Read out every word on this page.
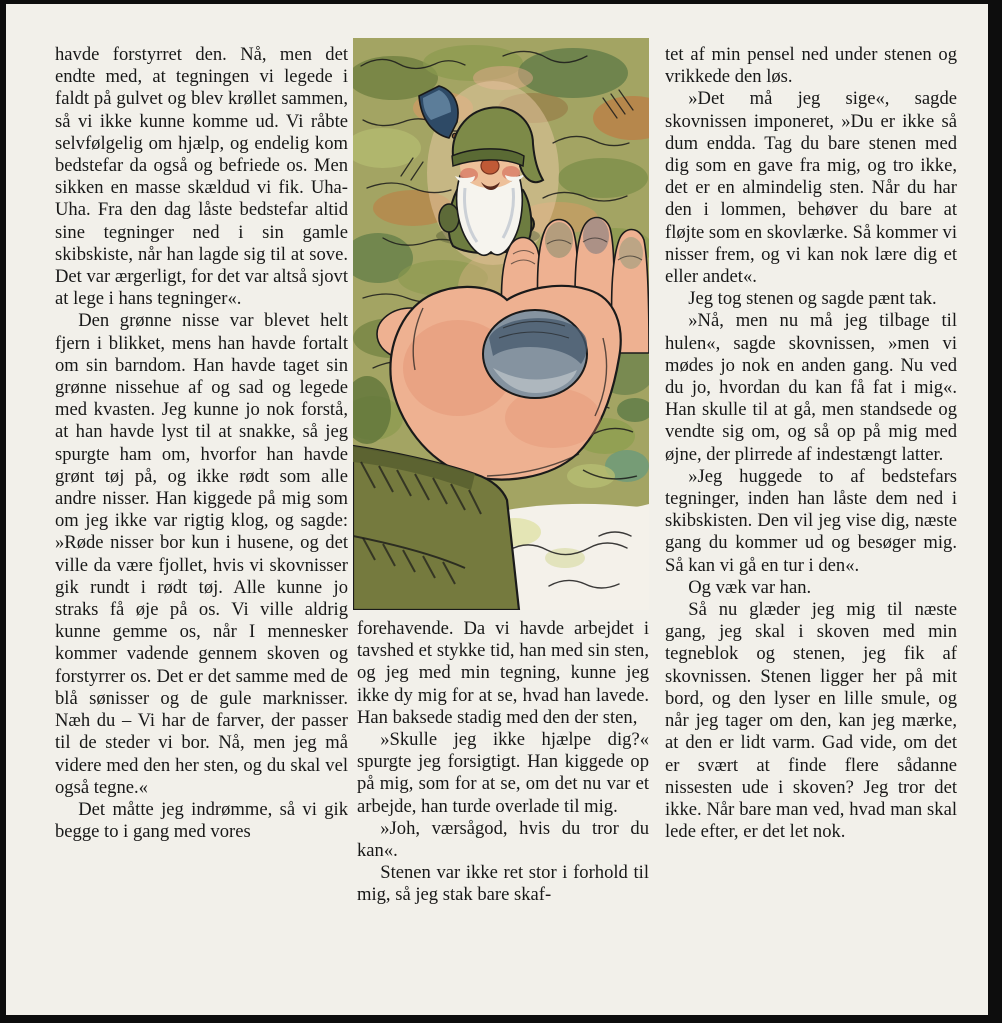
havde forstyrret den. Nå, men det endte med, at tegningen vi legede i faldt på gulvet og blev krøllet sammen, så vi ikke kunne komme ud. Vi råbte selvfølgelig om hjælp, og endelig kom bedstefar da også og befriede os. Men sikken en masse skældud vi fik. Uha-Uha. Fra den dag låste bedstefar altid sine tegninger ned i sin gamle skibskiste, når han lagde sig til at sove. Det var ærgerligt, for det var altså sjovt at lege i hans tegninger«.

Den grønne nisse var blevet helt fjern i blikket, mens han havde fortalt om sin barndom. Han havde taget sin grønne nissehue af og sad og legede med kvasten. Jeg kunne jo nok forstå, at han havde lyst til at snakke, så jeg spurgte ham om, hvorfor han havde grønt tøj på, og ikke rødt som alle andre nisser. Han kiggede på mig som om jeg ikke var rigtig klog, og sagde: »Røde nisser bor kun i husene, og det ville da være fjollet, hvis vi skovnisser gik rundt i rødt tøj. Alle kunne jo straks få øje på os. Vi ville aldrig kunne gemme os, når I mennesker kommer vadende gennem skoven og forstyrrer os. Det er det samme med de blå sønisser og de gule marknisser. Næh du – Vi har de farver, der passer til de steder vi bor. Nå, men jeg må videre med den her sten, og du skal vel også tegne.«

Det måtte jeg indrømme, så vi gik begge to i gang med vores

forehavende. Da vi havde arbejdet i tavshed et stykke tid, han med sin sten, og jeg med min tegning, kunne jeg ikke dy mig for at se, hvad han lavede. Han baksede stadig med den der sten,

»Skulle jeg ikke hjælpe dig?« spurgte jeg forsigtigt. Han kiggede op på mig, som for at se, om det nu var et arbejde, han turde overlade til mig.

»Joh, værsågod, hvis du tror du kan«.

Stenen var ikke ret stor i forhold til mig, så jeg stak bare skaf-

tet af min pensel ned under stenen og vrikkede den løs.

»Det må jeg sige«, sagde skovnissen imponeret, »Du er ikke så dum endda. Tag du bare stenen med dig som en gave fra mig, og tro ikke, det er en almindelig sten. Når du har den i lommen, behøver du bare at fløjte som en skovlærke. Så kommer vi nisser frem, og vi kan nok lære dig et eller andet«.

Jeg tog stenen og sagde pænt tak.

»Nå, men nu må jeg tilbage til hulen«, sagde skovnissen, »men vi mødes jo nok en anden gang. Nu ved du jo, hvordan du kan få fat i mig«. Han skulle til at gå, men standsede og vendte sig om, og så op på mig med øjne, der plirrede af indestængt latter.

»Jeg huggede to af bedstefars tegninger, inden han låste dem ned i skibskisten. Den vil jeg vise dig, næste gang du kommer ud og besøger mig. Så kan vi gå en tur i den«.

Og væk var han.

Så nu glæder jeg mig til næste gang, jeg skal i skoven med min tegneblok og stenen, jeg fik af skovnissen. Stenen ligger her på mit bord, og den lyser en lille smule, og når jeg tager om den, kan jeg mærke, at den er lidt varm. Gad vide, om det er svært at finde flere sådanne nissesten ude i skoven? Jeg tror det ikke. Når bare man ved, hvad man skal lede efter, er det let nok.
